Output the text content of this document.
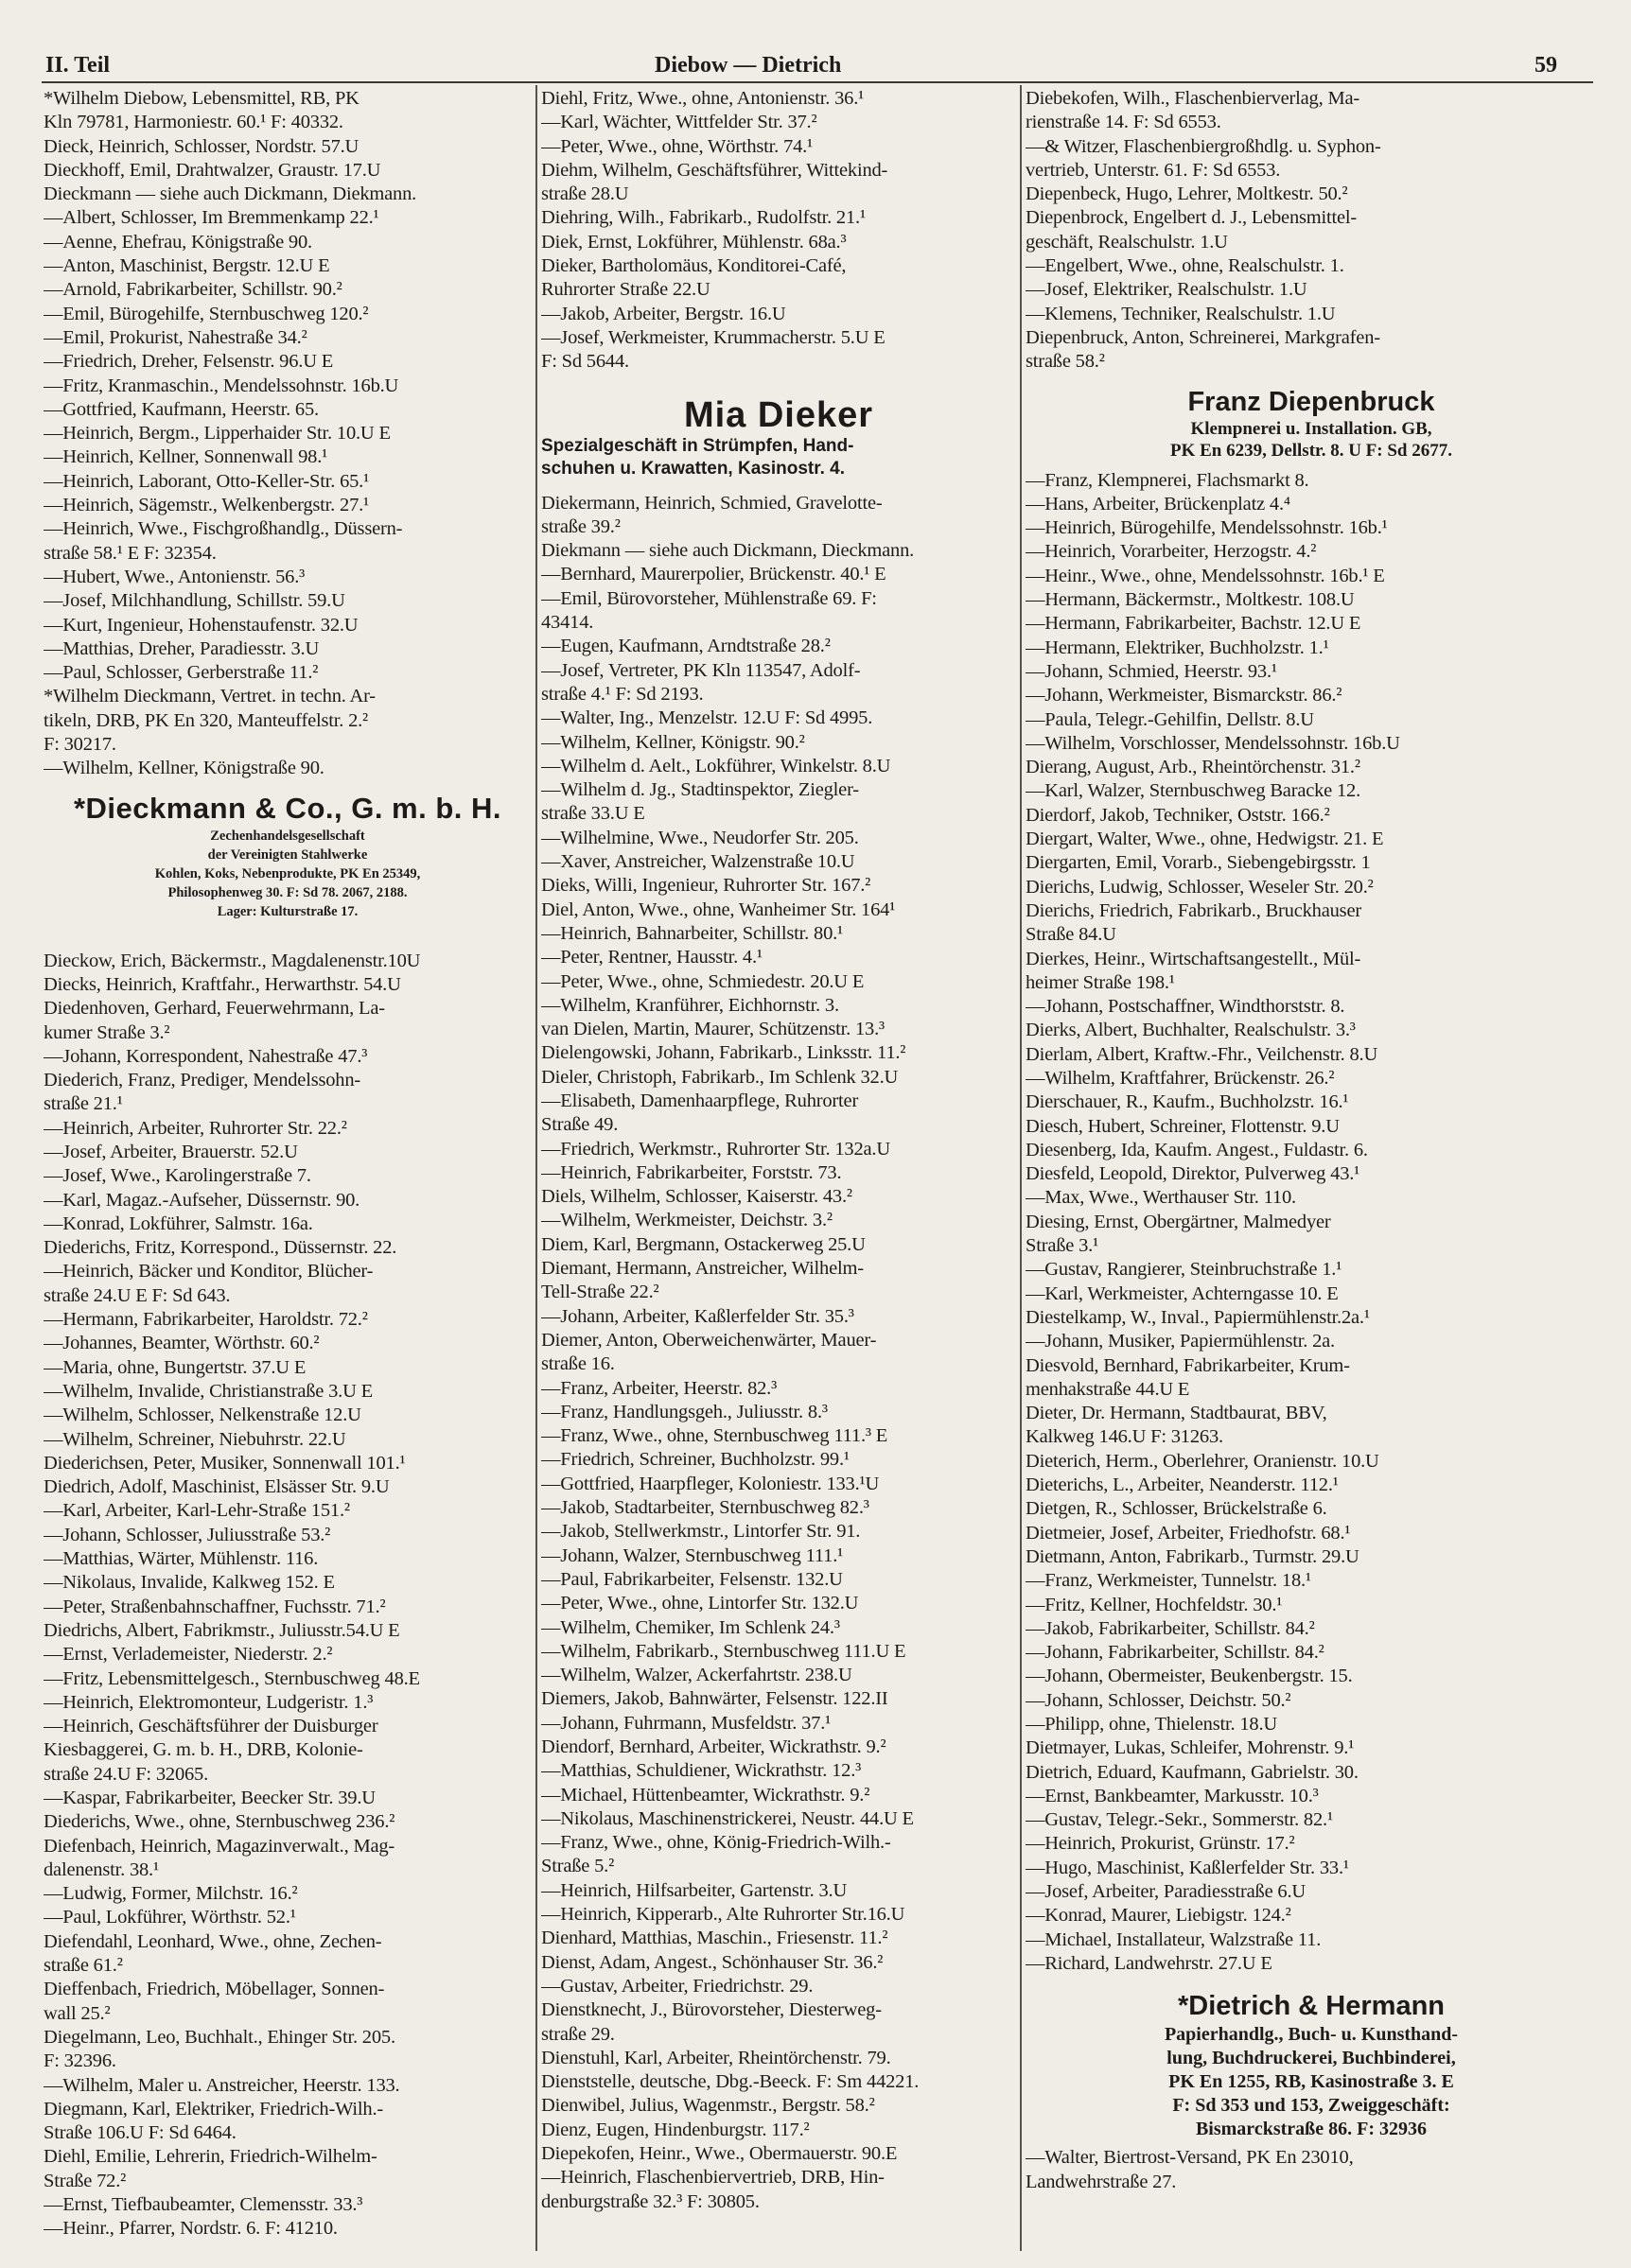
II. Teil	Diebow — Dietrich	59
*Wilhelm Diebow, Lebensmittel, RB, PK
Kln 79781, Harmoniestr. 60.¹ F: 40332.
Dieck, Heinrich, Schlosser, Nordstr. 57.U
Dieckhoff, Emil, Drahtwalzer, Graustr. 17.U
Dieckmann — siehe auch Dickmann, Diekmann.
—Albert, Schlosser, Im Bremmenkamp 22.¹
—Aenne, Ehefrau, Königstraße 90.
—Anton, Maschinist, Bergstr. 12.U E
—Arnold, Fabrikarbeiter, Schillstr. 90.²
—Emil, Bürogehilfe, Sternbuschweg 120.²
—Emil, Prokurist, Nahestraße 34.²
—Friedrich, Dreher, Felsenstr. 96.U E
—Fritz, Kranmaschin., Mendelssohnstr. 16b.U
—Gottfried, Kaufmann, Heerstr. 65.
—Heinrich, Bergm., Lipperhaider Str. 10.U E
—Heinrich, Kellner, Sonnenwall 98.¹
—Heinrich, Laborant, Otto-Keller-Str. 65.¹
—Heinrich, Sägemstr., Welkenbergstr. 27.¹
—Heinrich, Wwe., Fischgroßhandlg., Düssern-
straße 58.¹ E F: 32354.
—Hubert, Wwe., Antonienstr. 56.³
—Josef, Milchhandlung, Schillstr. 59.U
—Kurt, Ingenieur, Hohenstaufenstr. 32.U
—Matthias, Dreher, Paradiesstr. 3.U
—Paul, Schlosser, Gerberstraße 11.²
*Wilhelm Dieckmann, Vertret. in techn. Ar-
tikeln, DRB, PK En 320, Manteuffelstr. 2.²
F: 30217.
—Wilhelm, Kellner, Königstraße 90.
*Dieckmann & Co., G. m. b. H.
Zechenhandelsgesellschaft
der Vereinigten Stahlwerke
Kohlen, Koks, Nebenprodukte, PK En 25349,
Philosophenweg 30. F: Sd 78. 2067, 2188.
Lager: Kulturstraße 17.
Dieckow, Erich, Bäckermstr., Magdalenenstr.10U
Diecks, Heinrich, Kraftfahr., Herwarthstr. 54.U
Diedenhoven, Gerhard, Feuerwehrmann, La-
kumer Straße 3.²
—Johann, Korrespondent, Nahestraße 47.³
Diederich, Franz, Prediger, Mendelssohn-
straße 21.¹
—Heinrich, Arbeiter, Ruhrorter Str. 22.²
—Josef, Arbeiter, Brauerstr. 52.U
—Josef, Wwe., Karolingerstraße 7.
—Karl, Magaz.-Aufseher, Düssernstr. 90.
—Konrad, Lokführer, Salmstr. 16a.
Diederichs, Fritz, Korrespond., Düssernstr. 22.
—Heinrich, Bäcker und Konditor, Blücher-
straße 24.U E F: Sd 643.
—Hermann, Fabrikarbeiter, Haroldstr. 72.²
—Johannes, Beamter, Wörthstr. 60.²
—Maria, ohne, Bungertstr. 37.U E
—Wilhelm, Invalide, Christianstraße 3.U E
—Wilhelm, Schlosser, Nelkenstraße 12.U
—Wilhelm, Schreiner, Niebuhrstr. 22.U
Diederichsen, Peter, Musiker, Sonnenwall 101.¹
Diedrich, Adolf, Maschinist, Elsässer Str. 9.U
—Karl, Arbeiter, Karl-Lehr-Straße 151.²
—Johann, Schlosser, Juliusstraße 53.²
—Matthias, Wärter, Mühlenstr. 116.
—Nikolaus, Invalide, Kalkweg 152. E
—Peter, Straßenbahnschaffner, Fuchsstr. 71.²
Diedrichs, Albert, Fabrikmstr., Juliusstr.54.U E
—Ernst, Verlademeister, Niederstr. 2.²
—Fritz, Lebensmittelgesch., Sternbuschweg 48.E
—Heinrich, Elektromonteur, Ludgeristr. 1.³
—Heinrich, Geschäftsführer der Duisburger
Kiesbaggerei, G. m. b. H., DRB, Kolonie-
straße 24.U F: 32065.
—Kaspar, Fabrikarbeiter, Beecker Str. 39.U
Diederichs, Wwe., ohne, Sternbuschweg 236.²
Diefenbach, Heinrich, Magazinverwalt., Mag-
dalenenstr. 38.¹
—Ludwig, Former, Milchstr. 16.²
—Paul, Lokführer, Wörthstr. 52.¹
Diefendahl, Leonhard, Wwe., ohne, Zechen-
straße 61.²
Dieffenbach, Friedrich, Möbellager, Sonnen-
wall 25.²
Diegelmann, Leo, Buchhalt., Ehinger Str. 205.
F: 32396.
—Wilhelm, Maler u. Anstreicher, Heerstr. 133.
Diegmann, Karl, Elektriker, Friedrich-Wilh.-
Straße 106.U F: Sd 6464.
Diehl, Emilie, Lehrerin, Friedrich-Wilhelm-
Straße 72.²
—Ernst, Tiefbaubeamter, Clemensstr. 33.³
—Heinr., Pfarrer, Nordstr. 6. F: 41210.
Diehl, Fritz, Wwe., ohne, Antonienstr. 36.¹
—Karl, Wächter, Wittfelder Str. 37.²
—Peter, Wwe., ohne, Wörthstr. 74.¹
Diehm, Wilhelm, Geschäftsführer, Wittekind-
straße 28.U
Diehring, Wilh., Fabrikarb., Rudolfstr. 21.¹
Diek, Ernst, Lokführer, Mühlenstr. 68a.³
Dieker, Bartholomäus, Konditorei-Café,
Ruhrorter Straße 22.U
—Jakob, Arbeiter, Bergstr. 16.U
—Josef, Werkmeister, Krummacherstr. 5.U E
F: Sd 5644.
Mia Dieker
Spezialgeschäft in Strümpfen, Hand-
schuhen u. Krawatten, Kasinostr. 4.
Diekermann, Heinrich, Schmied, Gravelotte-
straße 39.²
Diekmann — siehe auch Dickmann, Dieckmann.
—Bernhard, Maurerpolier, Brückenstr. 40.¹ E
—Emil, Bürovorsteher, Mühlenstraße 69. F:
43414.
—Eugen, Kaufmann, Arndtstraße 28.²
—Josef, Vertreter, PK Kln 113547, Adolf-
straße 4.¹ F: Sd 2193.
—Walter, Ing., Menzelstr. 12.U F: Sd 4995.
—Wilhelm, Kellner, Königstr. 90.²
—Wilhelm d. Aelt., Lokführer, Winkelstr. 8.U
—Wilhelm d. Jg., Stadtinspektor, Ziegler-
straße 33.U E
—Wilhelmine, Wwe., Neudorfer Str. 205.
—Xaver, Anstreicher, Walzenstraße 10.U
Dieks, Willi, Ingenieur, Ruhrorter Str. 167.²
Diel, Anton, Wwe., ohne, Wanheimer Str. 164¹
—Heinrich, Bahnarbeiter, Schillstr. 80.¹
—Peter, Rentner, Hausstr. 4.¹
—Peter, Wwe., ohne, Schmiedestr. 20.U E
—Wilhelm, Kranführer, Eichhornstr. 3.
van Dielen, Martin, Maurer, Schützenstr. 13.³
Dielengowski, Johann, Fabrikarb., Linksstr. 11.²
Dieler, Christoph, Fabrikarb., Im Schlenk 32.U
—Elisabeth, Damenhaarpflege, Ruhrorter
Straße 49.
—Friedrich, Werkmstr., Ruhrorter Str. 132a.U
—Heinrich, Fabrikarbeiter, Forststr. 73.
Diels, Wilhelm, Schlosser, Kaiserstr. 43.²
—Wilhelm, Werkmeister, Deichstr. 3.²
Diem, Karl, Bergmann, Ostackerweg 25.U
Diemant, Hermann, Anstreicher, Wilhelm-
Tell-Straße 22.²
—Johann, Arbeiter, Kaßlerfelder Str. 35.³
Diemer, Anton, Oberweichenwärter, Mauer-
straße 16.
—Franz, Arbeiter, Heerstr. 82.³
—Franz, Handlungsgeh., Juliusstr. 8.³
—Franz, Wwe., ohne, Sternbuschweg 111.³ E
—Friedrich, Schreiner, Buchholzstr. 99.¹
—Gottfried, Haarpfleger, Koloniestr. 133.¹U
—Jakob, Stadtarbeiter, Sternbuschweg 82.³
—Jakob, Stellwerkmstr., Lintorfer Str. 91.
—Johann, Walzer, Sternbuschweg 111.¹
—Paul, Fabrikarbeiter, Felsenstr. 132.U
—Peter, Wwe., ohne, Lintorfer Str. 132.U
—Wilhelm, Chemiker, Im Schlenk 24.³
—Wilhelm, Fabrikarb., Sternbuschweg 111.U E
—Wilhelm, Walzer, Ackerfahrtstr. 238.U
Diemers, Jakob, Bahnwärter, Felsenstr. 122.II
—Johann, Fuhrmann, Musfeldstr. 37.¹
Diendorf, Bernhard, Arbeiter, Wickrathstr. 9.²
—Matthias, Schuldiener, Wickrathstr. 12.³
—Michael, Hüttenbeamter, Wickrathstr. 9.²
—Nikolaus, Maschinenstrickerei, Neustr. 44.U E
—Franz, Wwe., ohne, König-Friedrich-Wilh.-
Straße 5.²
—Heinrich, Hilfsarbeiter, Gartenstr. 3.U
—Heinrich, Kipperarb., Alte Ruhrorter Str.16.U
Dienhard, Matthias, Maschin., Friesenstr. 11.²
Dienst, Adam, Angest., Schönhauser Str. 36.²
—Gustav, Arbeiter, Friedrichstr. 29.
Dienstknecht, J., Bürovorsteher, Diesterweg-
straße 29.
Dienstuhl, Karl, Arbeiter, Rheintörchenstr. 79.
Dienststelle, deutsche, Dbg.-Beeck. F: Sm 44221.
Dienwibel, Julius, Wagenmstr., Bergstr. 58.²
Dienz, Eugen, Hindenburgstr. 117.²
Diepekofen, Heinr., Wwe., Obermauerstr. 90.E
—Heinrich, Flaschenbiervertrieb, DRB, Hin-
denburgstraße 32.³ F: 30805.
Diebekofen, Wilh., Flaschenbierverlag, Ma-
rienstraße 14. F: Sd 6553.
—& Witzer, Flaschenbiergroßhdlg. u. Syphon-
vertrieb, Unterstr. 61. F: Sd 6553.
Diepenbeck, Hugo, Lehrer, Moltkestr. 50.²
Diepenbrock, Engelbert d. J., Lebensmittel-
geschäft, Realschulstr. 1.U
—Engelbert, Wwe., ohne, Realschulstr. 1.
—Josef, Elektriker, Realschulstr. 1.U
—Klemens, Techniker, Realschulstr. 1.U
Diepenbruck, Anton, Schreinerei, Markgrafen-
straße 58.²
Franz Diepenbruck
Klempnerei u. Installation. GB,
PK En 6239, Dellstr. 8. U F: Sd 2677.
—Franz, Klempnerei, Flachsmarkt 8.
—Hans, Arbeiter, Brückenplatz 4.⁴
—Heinrich, Bürogehilfe, Mendelssohnstr. 16b.¹
—Heinrich, Vorarbeiter, Herzogstr. 4.²
—Heinr., Wwe., ohne, Mendelssohnstr. 16b.¹ E
—Hermann, Bäckermstr., Moltkestr. 108.U
—Hermann, Fabrikarbeiter, Bachstr. 12.U E
—Hermann, Elektriker, Buchholzstr. 1.¹
—Johann, Schmied, Heerstr. 93.¹
—Johann, Werkmeister, Bismarckstr. 86.²
—Paula, Telegr.-Gehilfin, Dellstr. 8.U
—Wilhelm, Vorschlosser, Mendelssohnstr. 16b.U
Dierang, August, Arb., Rheintörchenstr. 31.²
—Karl, Walzer, Sternbuschweg Baracke 12.
Dierdorf, Jakob, Techniker, Oststr. 166.²
Diergart, Walter, Wwe., ohne, Hedwigstr. 21. E
Diergarten, Emil, Vorarb., Siebengebirgsstr. 1
Dierichs, Ludwig, Schlosser, Weseler Str. 20.²
Dierichs, Friedrich, Fabrikarb., Bruckhauser
Straße 84.U
Dierkes, Heinr., Wirtschaftsangestellt., Mül-
heimer Straße 198.¹
—Johann, Postschaffner, Windthorststr. 8.
Dierks, Albert, Buchhalter, Realschulstr. 3.³
Dierlam, Albert, Kraftw.-Fhr., Veilchenstr. 8.U
—Wilhelm, Kraftfahrer, Brückenstr. 26.²
Dierschauer, R., Kaufm., Buchholzstr. 16.¹
Diesch, Hubert, Schreiner, Flottenstr. 9.U
Diesenberg, Ida, Kaufm. Angest., Fuldastr. 6.
Diesfeld, Leopold, Direktor, Pulverweg 43.¹
—Max, Wwe., Werthauser Str. 110.
Diesing, Ernst, Obergärtner, Malmedyer
Straße 3.¹
—Gustav, Rangierer, Steinbruchstraße 1.¹
—Karl, Werkmeister, Achterngasse 10. E
Diestelkamp, W., Inval., Papiermühlenstr.2a.¹
—Johann, Musiker, Papiermühlenstr. 2a.
Diesvold, Bernhard, Fabrikarbeiter, Krum-
menhakstraße 44.U E
Dieter, Dr. Hermann, Stadtbaurat, BBV,
Kalkweg 146.U F: 31263.
Dieterich, Herm., Oberlehrer, Oranienstr. 10.U
Dieterichs, L., Arbeiter, Neanderstr. 112.¹
Dietgen, R., Schlosser, Brückelstraße 6.
Dietmeier, Josef, Arbeiter, Friedhofstr. 68.¹
Dietmann, Anton, Fabrikarb., Turmstr. 29.U
—Franz, Werkmeister, Tunnelstr. 18.¹
—Fritz, Kellner, Hochfeldstr. 30.¹
—Jakob, Fabrikarbeiter, Schillstr. 84.²
—Johann, Fabrikarbeiter, Schillstr. 84.²
—Johann, Obermeister, Beukenbergstr. 15.
—Johann, Schlosser, Deichstr. 50.²
—Philipp, ohne, Thielenstr. 18.U
Dietmayer, Lukas, Schleifer, Mohrenstr. 9.¹
Dietrich, Eduard, Kaufmann, Gabrielstr. 30.
—Ernst, Bankbeamter, Markusstr. 10.³
—Gustav, Telegr.-Sekr., Sommerstr. 82.¹
—Heinrich, Prokurist, Grünstr. 17.²
—Hugo, Maschinist, Kaßlerfelder Str. 33.¹
—Josef, Arbeiter, Paradiesstraße 6.U
—Konrad, Maurer, Liebigstr. 124.²
—Michael, Installateur, Walzstraße 11.
—Richard, Landwehrstr. 27.U E
*Dietrich & Hermann
Papierhandlg., Buch- u. Kunsthand-
lung, Buchdruckerei, Buchbinderei,
PK En 1255, RB, Kasinostraße 3. E
F: Sd 353 und 153, Zweiggeschäft:
Bismarckstraße 86. F: 32936
—Walter, Biertrost-Versand, PK En 23010,
Landwehrstraße 27.
